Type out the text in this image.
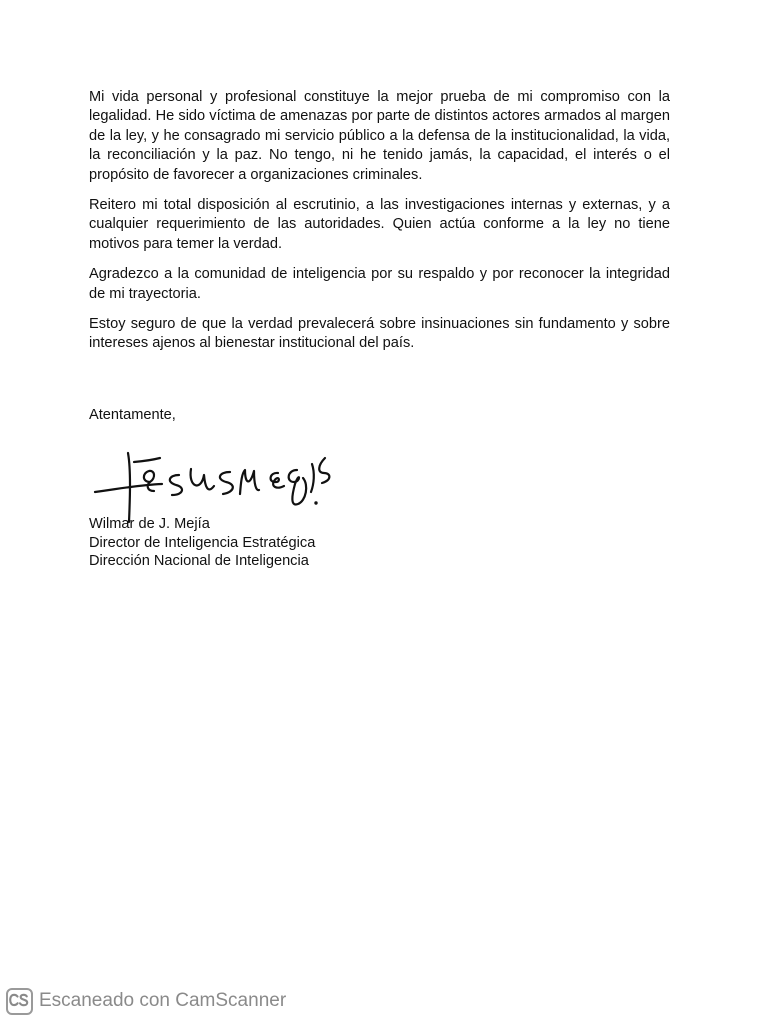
Mi vida personal y profesional constituye la mejor prueba de mi compromiso con la legalidad. He sido víctima de amenazas por parte de distintos actores armados al margen de la ley, y he consagrado mi servicio público a la defensa de la institucionalidad, la vida, la reconciliación y la paz. No tengo, ni he tenido jamás, la capacidad, el interés o el propósito de favorecer a organizaciones criminales.

Reitero mi total disposición al escrutinio, a las investigaciones internas y externas, y a cualquier requerimiento de las autoridades. Quien actúa conforme a la ley no tiene motivos para temer la verdad.

Agradezco a la comunidad de inteligencia por su respaldo y por reconocer la integridad de mi trayectoria.

Estoy seguro de que la verdad prevalecerá sobre insinuaciones sin fundamento y sobre intereses ajenos al bienestar institucional del país.

Atentamente,

Wilmar de J. Mejía
Director de Inteligencia Estratégica
Dirección Nacional de Inteligencia
Escaneado con CamScanner
